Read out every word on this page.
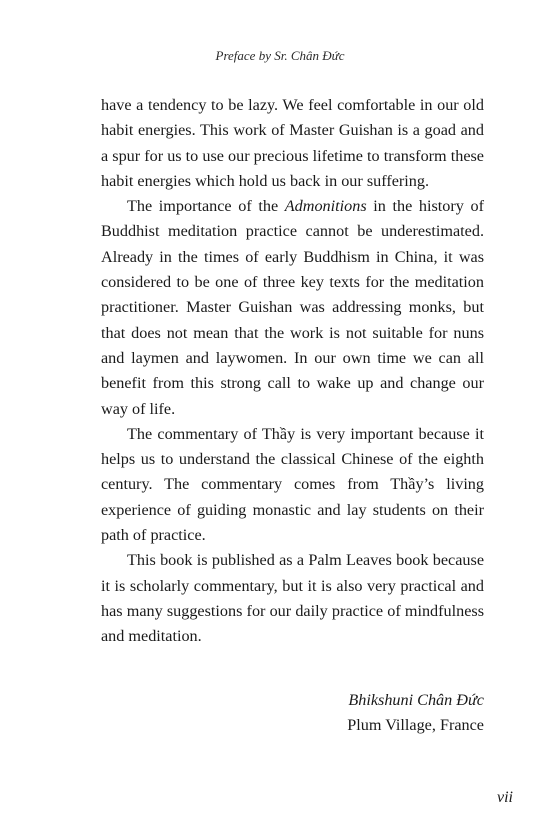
Preface by Sr. Chân Đức

have a tendency to be lazy. We feel comfortable in our old habit energies. This work of Master Guishan is a goad and a spur for us to use our precious lifetime to transform these habit energies which hold us back in our suffering.

The importance of the Admonitions in the history of Buddhist meditation practice cannot be underestimated. Already in the times of early Buddhism in China, it was considered to be one of three key texts for the meditation practitioner. Master Guishan was addressing monks, but that does not mean that the work is not suitable for nuns and laymen and laywomen. In our own time we can all benefit from this strong call to wake up and change our way of life.

The commentary of Thầy is very important because it helps us to understand the classical Chinese of the eighth century. The commentary comes from Thầy’s living experience of guiding monastic and lay students on their path of practice.

This book is published as a Palm Leaves book because it is scholarly commentary, but it is also very practical and has many suggestions for our daily practice of mindfulness and meditation.

Bhikshuni Chân Đức
Plum Village, France
vii
